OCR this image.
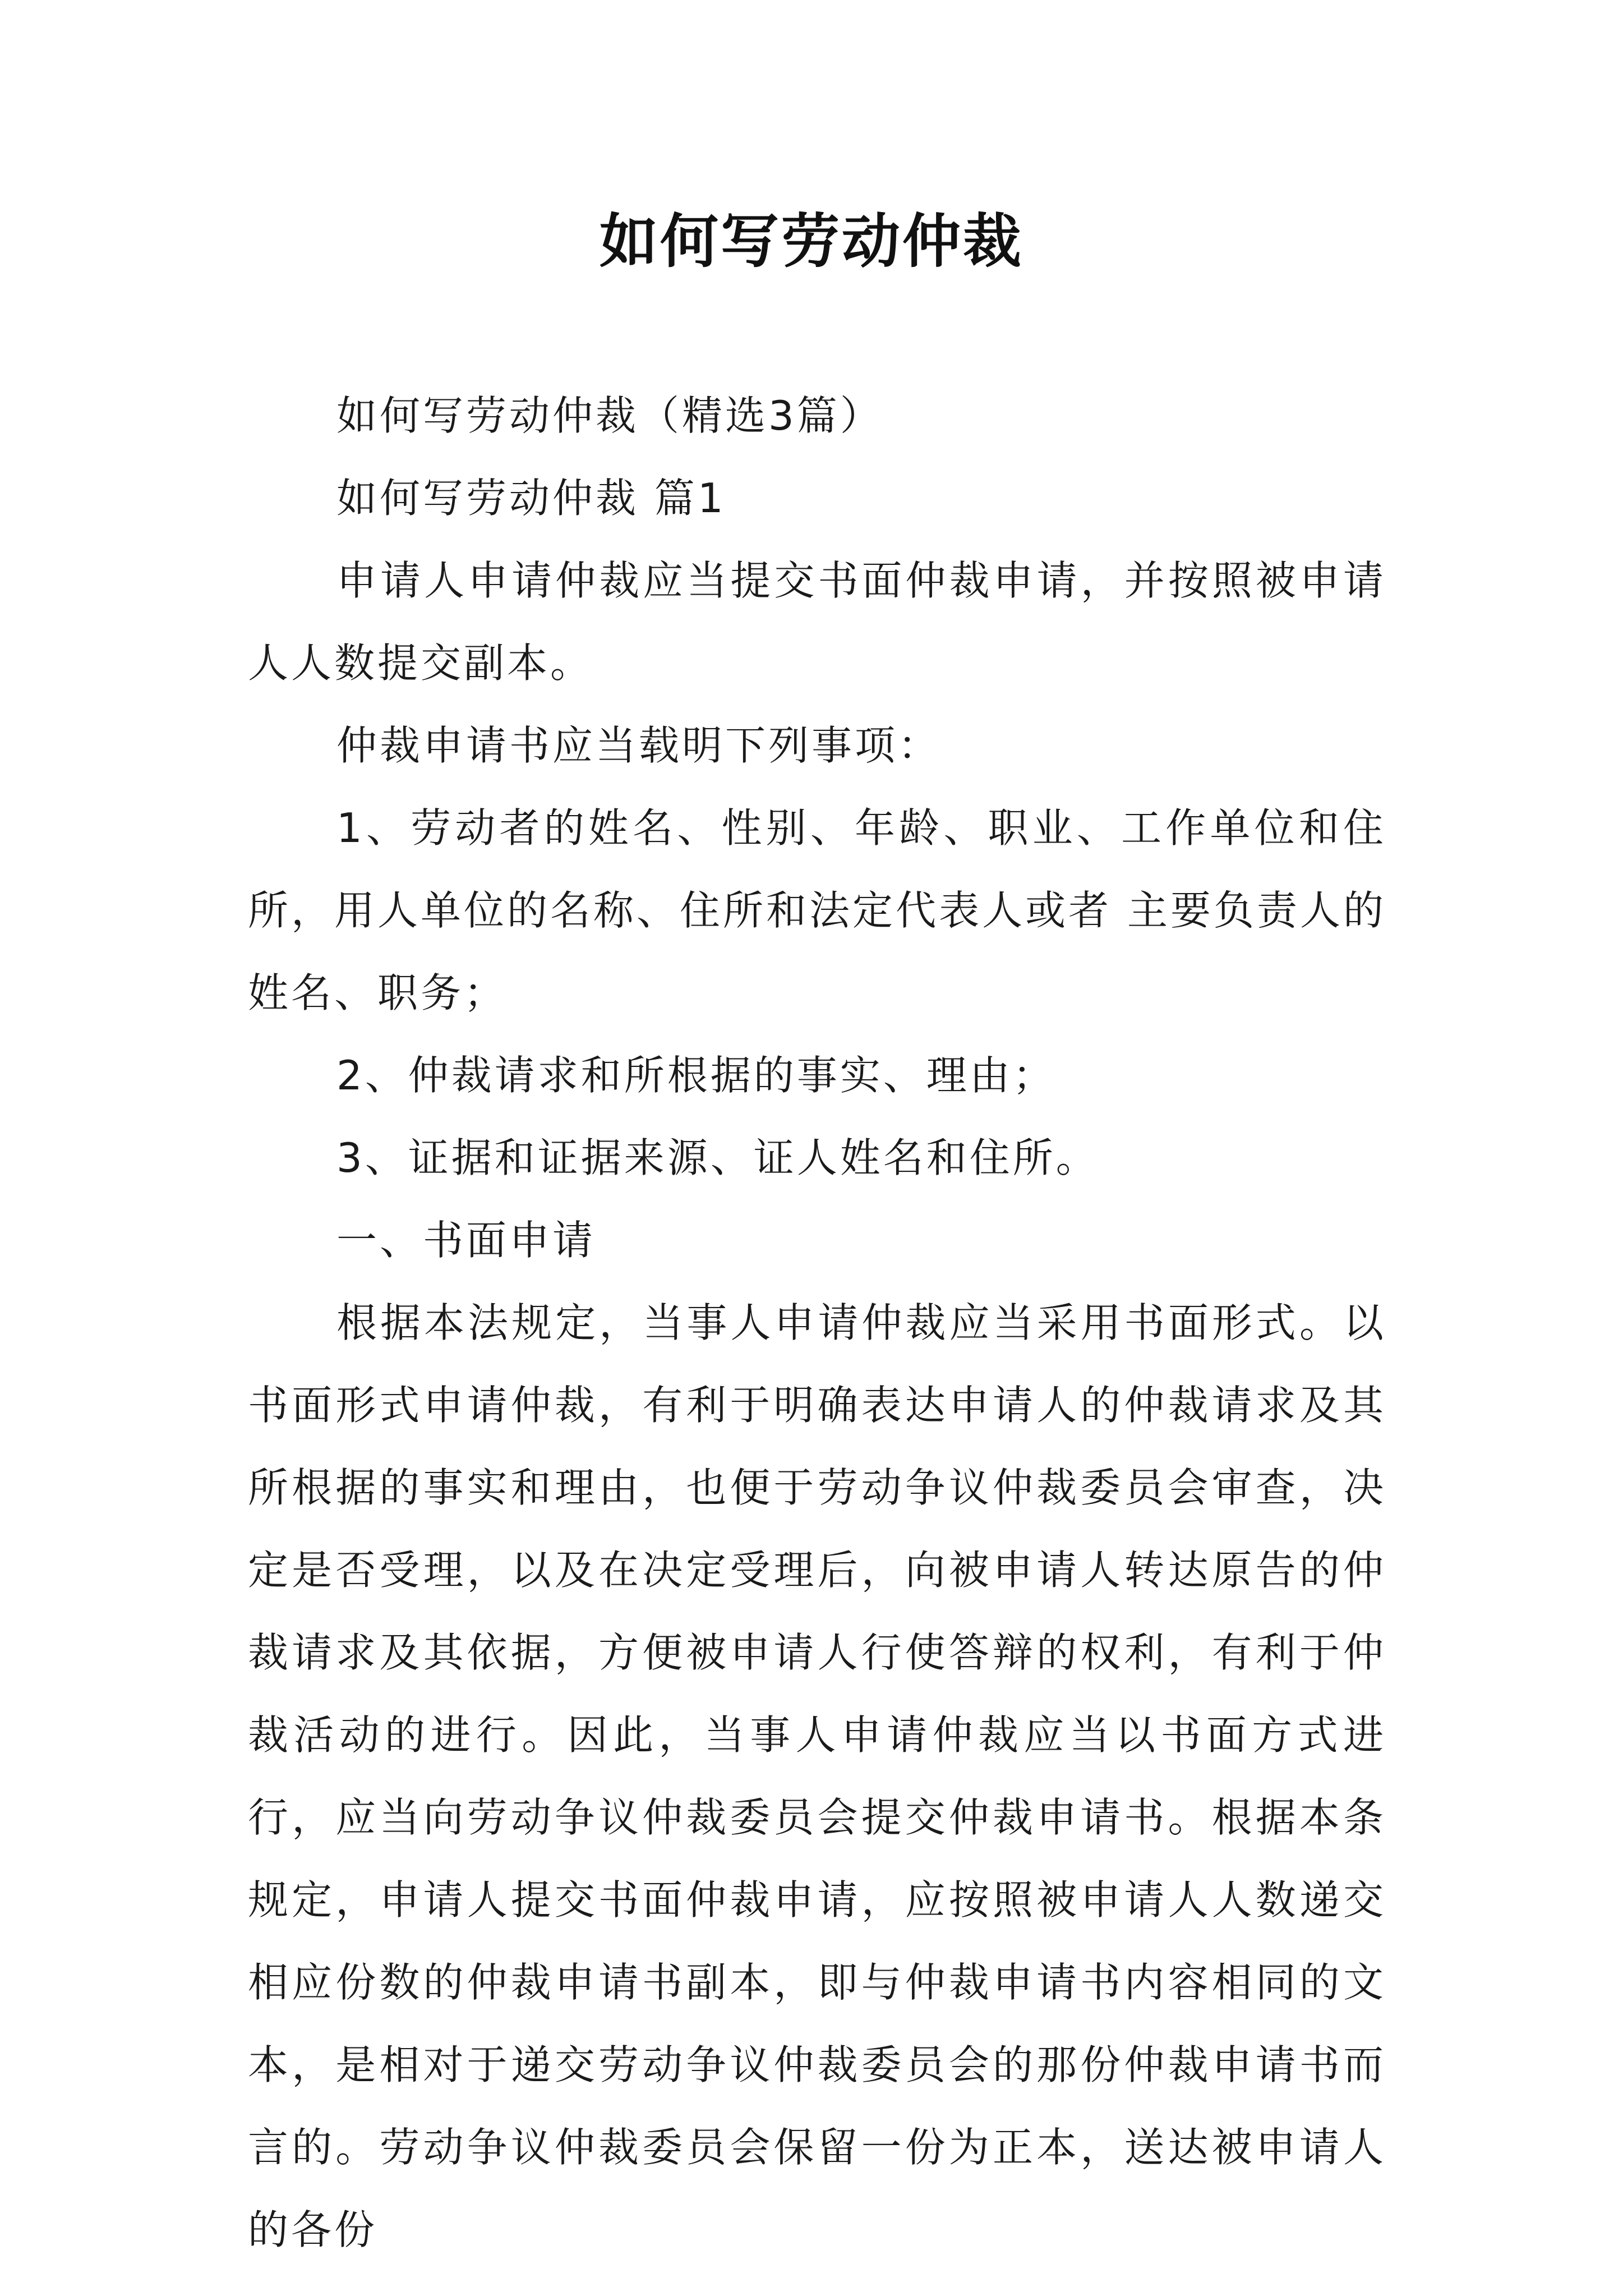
如何写劳动仲裁

如何写劳动仲裁（精选3篇）

如何写劳动仲裁 篇1

申请人申请仲裁应当提交书面仲裁申请，并按照被申请人人数提交副本。

仲裁申请书应当载明下列事项：

1、劳动者的姓名、性别、年龄、职业、工作单位和住所，用人单位的名称、住所和法定代表人或者 主要负责人的姓名、职务；

2、仲裁请求和所根据的事实、理由；

3、证据和证据来源、证人姓名和住所。

一、书面申请

根据本法规定，当事人申请仲裁应当采用书面形式。以书面形式申请仲裁，有利于明确表达申请人的仲裁请求及其所根据的事实和理由，也便于劳动争议仲裁委员会审查，决定是否受理，以及在决定受理后，向被申请人转达原告的仲裁请求及其依据，方便被申请人行使答辩的权利，有利于仲裁活动的进行。因此，当事人申请仲裁应当以书面方式进行，应当向劳动争议仲裁委员会提交仲裁申请书。根据本条规定，申请人提交书面仲裁申请，应按照被申请人人数递交相应份数的仲裁申请书副本，即与仲裁申请书内容相同的文本，是相对于递交劳动争议仲裁委员会的那份仲裁申请书而言的。劳动争议仲裁委员会保留一份为正本，送达被申请人的各份
